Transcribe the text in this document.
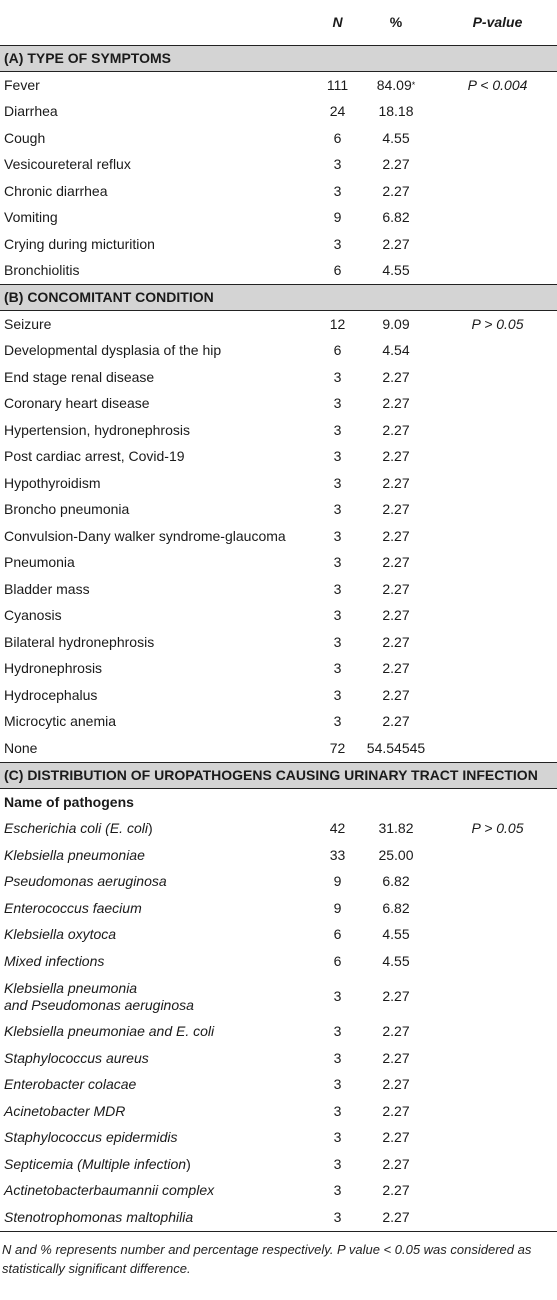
	N	%	P-value
(A) TYPE OF SYMPTOMS			
Fever	111	84.09*	P < 0.004
Diarrhea	24	18.18	
Cough	6	4.55	
Vesicoureteral reflux	3	2.27	
Chronic diarrhea	3	2.27	
Vomiting	9	6.82	
Crying during micturition	3	2.27	
Bronchiolitis	6	4.55	
(B) CONCOMITANT CONDITION			
Seizure	12	9.09	P > 0.05
Developmental dysplasia of the hip	6	4.54	
End stage renal disease	3	2.27	
Coronary heart disease	3	2.27	
Hypertension, hydronephrosis	3	2.27	
Post cardiac arrest, Covid-19	3	2.27	
Hypothyroidism	3	2.27	
Broncho pneumonia	3	2.27	
Convulsion-Dany walker syndrome-glaucoma	3	2.27	
Pneumonia	3	2.27	
Bladder mass	3	2.27	
Cyanosis	3	2.27	
Bilateral hydronephrosis	3	2.27	
Hydronephrosis	3	2.27	
Hydrocephalus	3	2.27	
Microcytic anemia	3	2.27	
None	72	54.54545	
(C) DISTRIBUTION OF UROPATHOGENS CAUSING URINARY TRACT INFECTION			
Name of pathogens			
Escherichia coli (E. coli)	42	31.82	P > 0.05
Klebsiella pneumoniae	33	25.00	
Pseudomonas aeruginosa	9	6.82	
Enterococcus faecium	9	6.82	
Klebsiella oxytoca	6	4.55	
Mixed infections	6	4.55	
Klebsiella pneumonia
and Pseudomonas aeruginosa	3	2.27	
Klebsiella pneumoniae and E. coli	3	2.27	
Staphylococcus aureus	3	2.27	
Enterobacter colacae	3	2.27	
Acinetobacter MDR	3	2.27	
Staphylococcus epidermidis	3	2.27	
Septicemia (Multiple infection)	3	2.27	
Actinetobacterbaumannii complex	3	2.27	
Stenotrophomonas maltophilia	3	2.27	
N and % represents number and percentage respectively. P value < 0.05 was considered as statistically significant difference.
